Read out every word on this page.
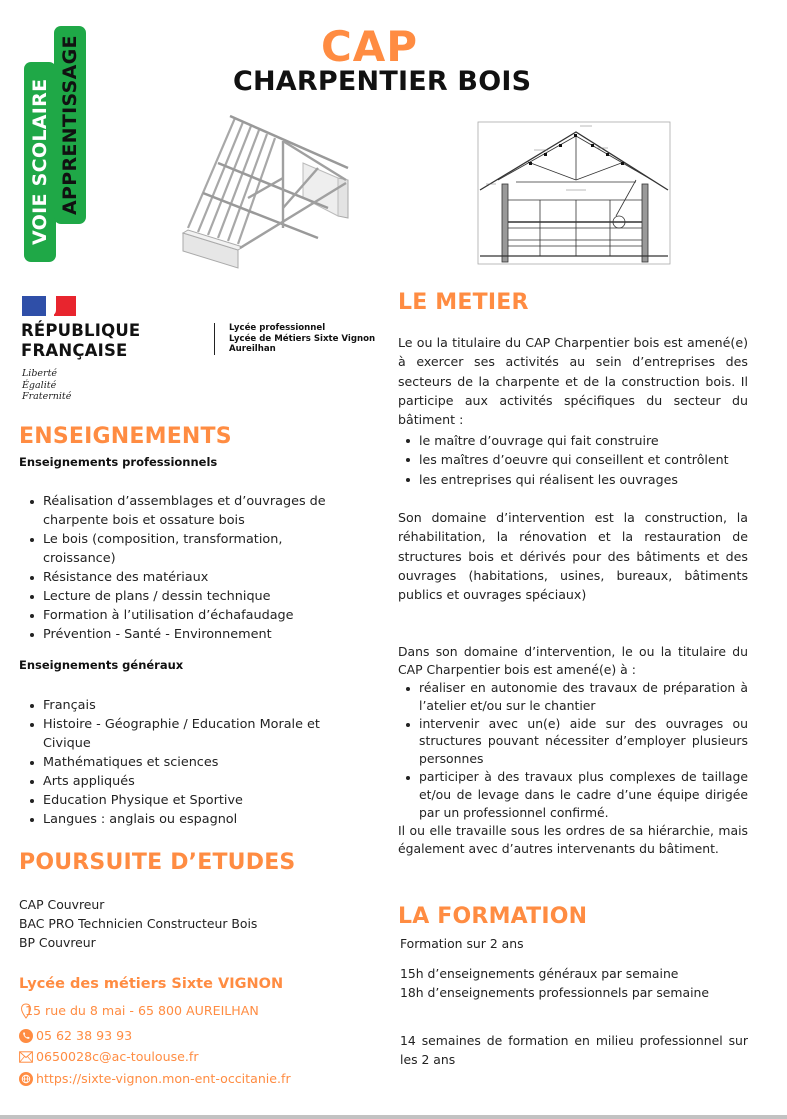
VOIE SCOLAIRE APPRENTISSAGE	CAP
CHARPENTIER BOIS
RÉPUBLIQUE
FRANÇAISE
Liberté
Égalité
Fraternité
Lycée professionnel
Lycée de Métiers Sixte Vignon
Aureilhan
ENSEIGNEMENTS
Enseignements professionnels
Réalisation d’assemblages et d’ouvrages de charpente bois et ossature bois
Le bois (composition, transformation, croissance)
Résistance des matériaux
Lecture de plans / dessin technique
Formation à l’utilisation d’échafaudage
Prévention - Santé - Environnement
Enseignements généraux
Français
Histoire - Géographie / Education Morale et Civique
Mathématiques et sciences
Arts appliqués
Education Physique et Sportive
Langues : anglais ou espagnol
POURSUITE D’ETUDES
CAP Couvreur
BAC PRO Technicien Constructeur Bois
BP Couvreur
Lycée des métiers Sixte VIGNON
15 rue du 8 mai - 65 800 AUREILHAN
05 62 38 93 93
0650028c@ac-toulouse.fr
https://sixte-vignon.mon-ent-occitanie.fr
LE METIER

Le ou la titulaire du CAP Charpentier bois est amené(e) à exercer ses activités au sein d’entreprises des secteurs de la charpente et de la construction bois. Il participe aux activités spécifiques du secteur du bâtiment :

le maître d’ouvrage qui fait construire
les maîtres d’oeuvre qui conseillent et contrôlent
les entreprises qui réalisent les ouvrages

Son domaine d’intervention est la construction, la réhabilitation, la rénovation et la restauration de structures bois et dérivés pour des bâtiments et des ouvrages (habitations, usines, bureaux, bâtiments publics et ouvrages spéciaux)

Dans son domaine d’intervention, le ou la titulaire du CAP Charpentier bois est amené(e) à :

réaliser en autonomie des travaux de préparation à l’atelier et/ou sur le chantier
intervenir avec un(e) aide sur des ouvrages ou structures pouvant nécessiter d’employer plusieurs personnes
participer à des travaux plus complexes de taillage et/ou de levage dans le cadre d’une équipe dirigée par un professionnel confirmé.

Il ou elle travaille sous les ordres de sa hiérarchie, mais également avec d’autres intervenants du bâtiment.

LA FORMATION

Formation sur 2 ans

15h d’enseignements généraux par semaine

18h d’enseignements professionnels par semaine

14 semaines de formation en milieu professionnel sur les 2 ans
